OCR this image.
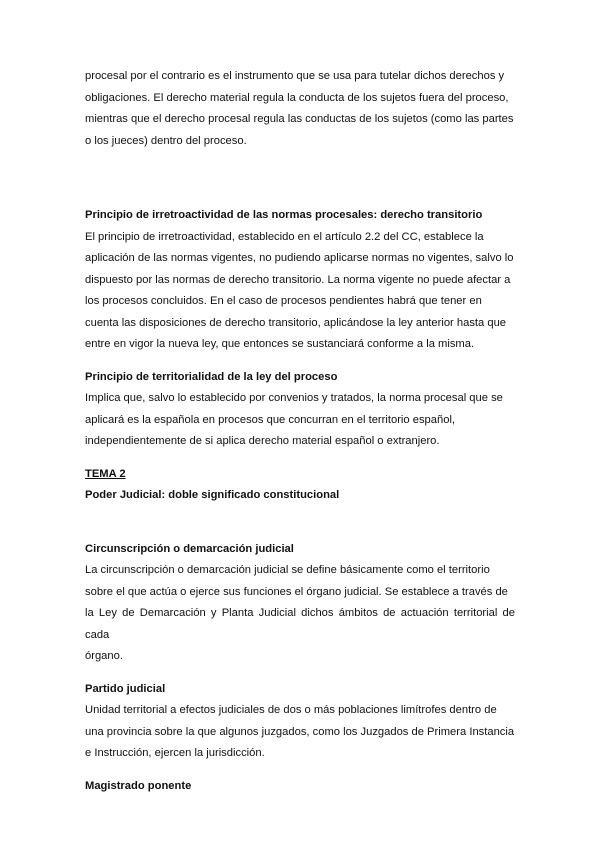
procesal por el contrario es el instrumento que se usa para tutelar dichos derechos y

obligaciones. El derecho material regula la conducta de los sujetos fuera del proceso,

mientras que el derecho procesal regula las conductas de los sujetos (como las partes

o los jueces) dentro del proceso.

Principio de irretroactividad de las normas procesales: derecho transitorio

El principio de irretroactividad, establecido en el artículo 2.2 del CC, establece la

aplicación de las normas vigentes, no pudiendo aplicarse normas no vigentes, salvo lo

dispuesto por las normas de derecho transitorio. La norma vigente no puede afectar a

los procesos concluidos. En el caso de procesos pendientes habrá que tener en

cuenta las disposiciones de derecho transitorio, aplicándose la ley anterior hasta que

entre en vigor la nueva ley, que entonces se sustanciará conforme a la misma.

Principio de territorialidad de la ley del proceso

Implica que, salvo lo establecido por convenios y tratados, la norma procesal que se

aplicará es la española en procesos que concurran en el territorio español,

independientemente de si aplica derecho material español o extranjero.

TEMA 2
Poder Judicial: doble significado constitucional
Circunscripción o demarcación judicial

La circunscripción o demarcación judicial se define básicamente como el territorio

sobre el que actúa o ejerce sus funciones el órgano judicial. Se establece a través de

la Ley de Demarcación y Planta Judicial dichos ámbitos de actuación territorial de cada

órgano.

Partido judicial

Unidad territorial a efectos judiciales de dos o más poblaciones limítrofes dentro de

una provincia sobre la que algunos juzgados, como los Juzgados de Primera Instancia

e Instrucción, ejercen la jurisdicción.

Magistrado ponente
